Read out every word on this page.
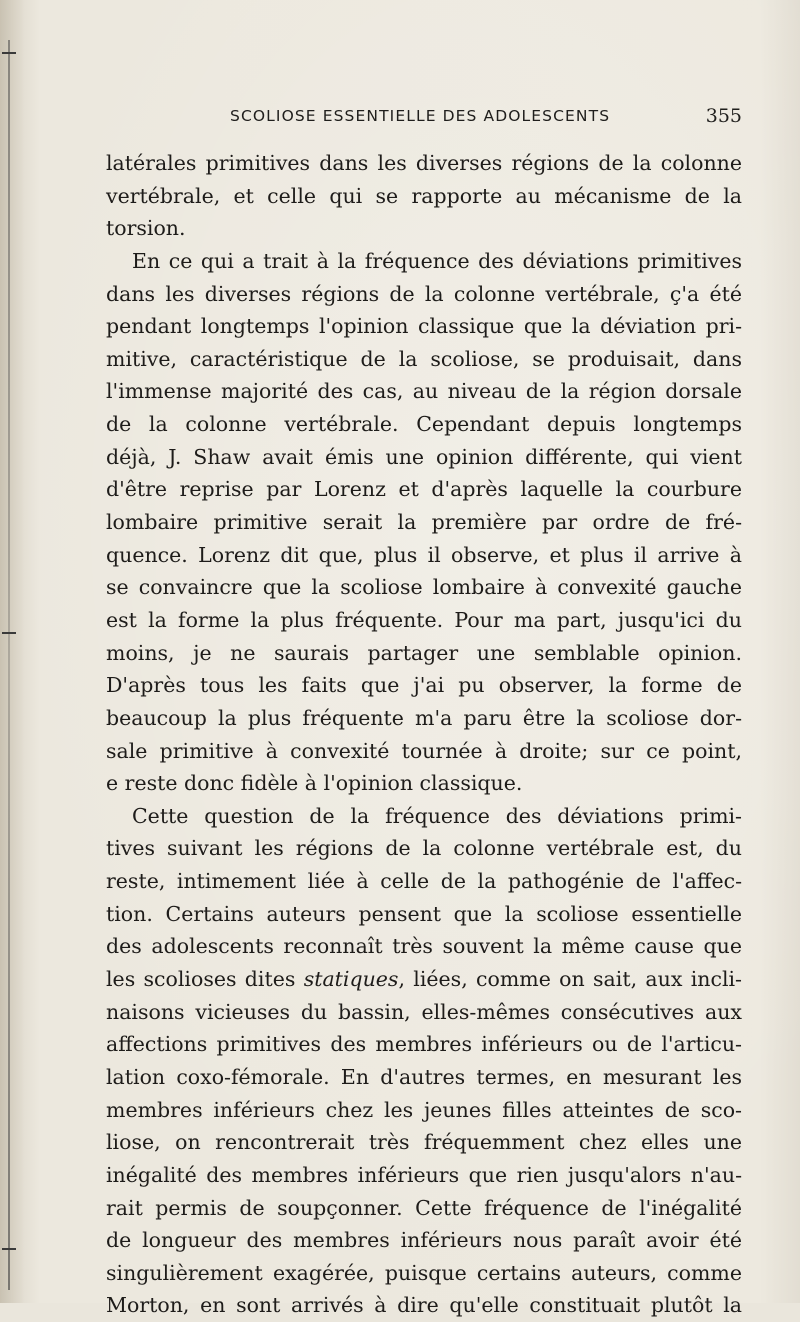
SCOLIOSE ESSENTIELLE DES ADOLESCENTS	355
latérales primitives dans les diverses régions de la colonne
vertébrale, et celle qui se rapporte au mécanisme de la
torsion.
En ce qui a trait à la fréquence des déviations primitives
dans les diverses régions de la colonne vertébrale, ç'a été
pendant longtemps l'opinion classique que la déviation pri-
mitive, caractéristique de la scoliose, se produisait, dans
l'immense majorité des cas, au niveau de la région dorsale
de la colonne vertébrale. Cependant depuis longtemps
déjà, J. Shaw avait émis une opinion différente, qui vient
d'être reprise par Lorenz et d'après laquelle la courbure
lombaire primitive serait la première par ordre de fré-
quence. Lorenz dit que, plus il observe, et plus il arrive à
se convaincre que la scoliose lombaire à convexité gauche
est la forme la plus fréquente. Pour ma part, jusqu'ici du
moins, je ne saurais partager une semblable opinion.
D'après tous les faits que j'ai pu observer, la forme de
beaucoup la plus fréquente m'a paru être la scoliose dor-
sale primitive à convexité tournée à droite; sur ce point,
e reste donc fidèle à l'opinion classique.
Cette question de la fréquence des déviations primi-
tives suivant les régions de la colonne vertébrale est, du
reste, intimement liée à celle de la pathogénie de l'affec-
tion. Certains auteurs pensent que la scoliose essentielle
des adolescents reconnaît très souvent la même cause que
les scolioses dites statiques, liées, comme on sait, aux incli-
naisons vicieuses du bassin, elles-mêmes consécutives aux
affections primitives des membres inférieurs ou de l'articu-
lation coxo-fémorale. En d'autres termes, en mesurant les
membres inférieurs chez les jeunes filles atteintes de sco-
liose, on rencontrerait très fréquemment chez elles une
inégalité des membres inférieurs que rien jusqu'alors n'au-
rait permis de soupçonner. Cette fréquence de l'inégalité
de longueur des membres inférieurs nous paraît avoir été
singulièrement exagérée, puisque certains auteurs, comme
Morton, en sont arrivés à dire qu'elle constituait plutôt la
